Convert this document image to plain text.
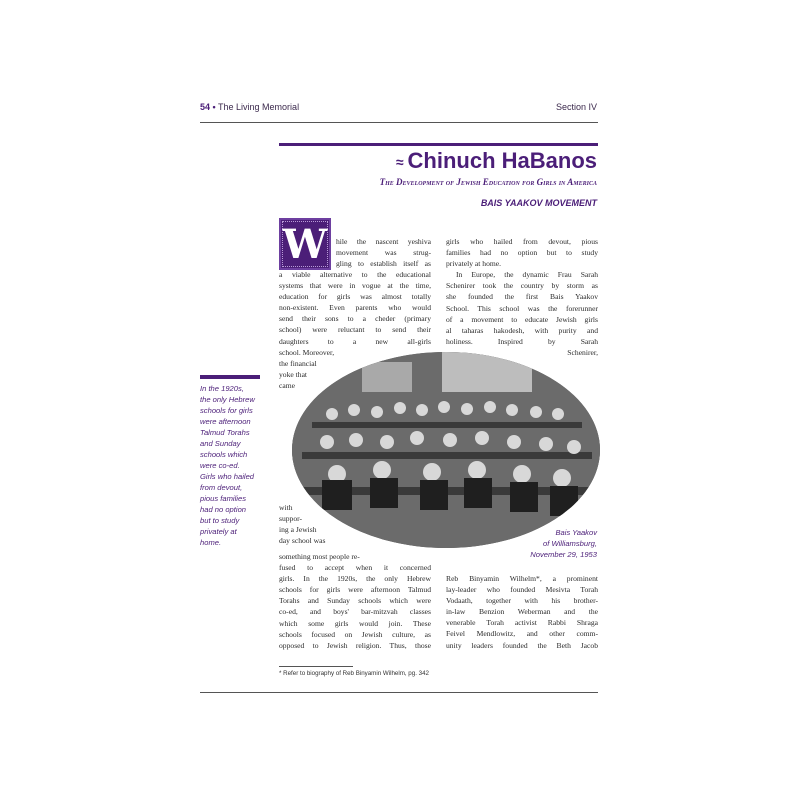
54 • The Living Memorial	Section IV
≈ Chinuch HaBanos
The Development of Jewish Education for Girls in America
BAIS YAAKOV MOVEMENT
W	hile the nascent yeshiva
movement was strug-
gling to establish itself as
a viable alternative to the educational
systems that were in vogue at the time,
education for girls was almost totally
non-existent. Even parents who would
send their sons to a cheder (primary
school) were reluctant to send their
daughters to a new all-girls
school. Moreover,
the financial
yoke that
came
with
suppor-
ing a Jewish
day school was
something most people re-
fused to accept when it concerned
girls. In the 1920s, the only Hebrew
schools for girls were afternoon Talmud
Torahs and Sunday schools which were
co-ed, and boys' bar-mitzvah classes
which some girls would join. These
schools focused on Jewish culture, as
opposed to Jewish religion. Thus, those
girls who hailed from devout, pious
families had no option but to study
privately at home.
In Europe, the dynamic Frau Sarah
Schenirer took the country by storm as
she founded the first Bais Yaakov
School. This school was the forerunner
of a movement to educate Jewish girls
al taharas hakodesh, with purity and
holiness. Inspired by Sarah
Schenirer,
Reb Binyamin Wilhelm*, a prominent
lay-leader who founded Mesivta Torah
Vodaath, together with his brother-
in-law Benzion Weberman and the
venerable Torah activist Rabbi Shraga
Feivel Mendlowitz, and other comm-
unity leaders founded the Beth Jacob
In the 1920s,
the only Hebrew
schools for girls
were afternoon
Talmud Torahs
and Sunday
schools which
were co-ed.
Girls who hailed
from devout,
pious families
had no option
but to study
privately at
home.
Bais Yaakov
of Williamsburg,
November 29, 1953
* Refer to biography of Reb Binyamin Wilhelm, pg. 342
